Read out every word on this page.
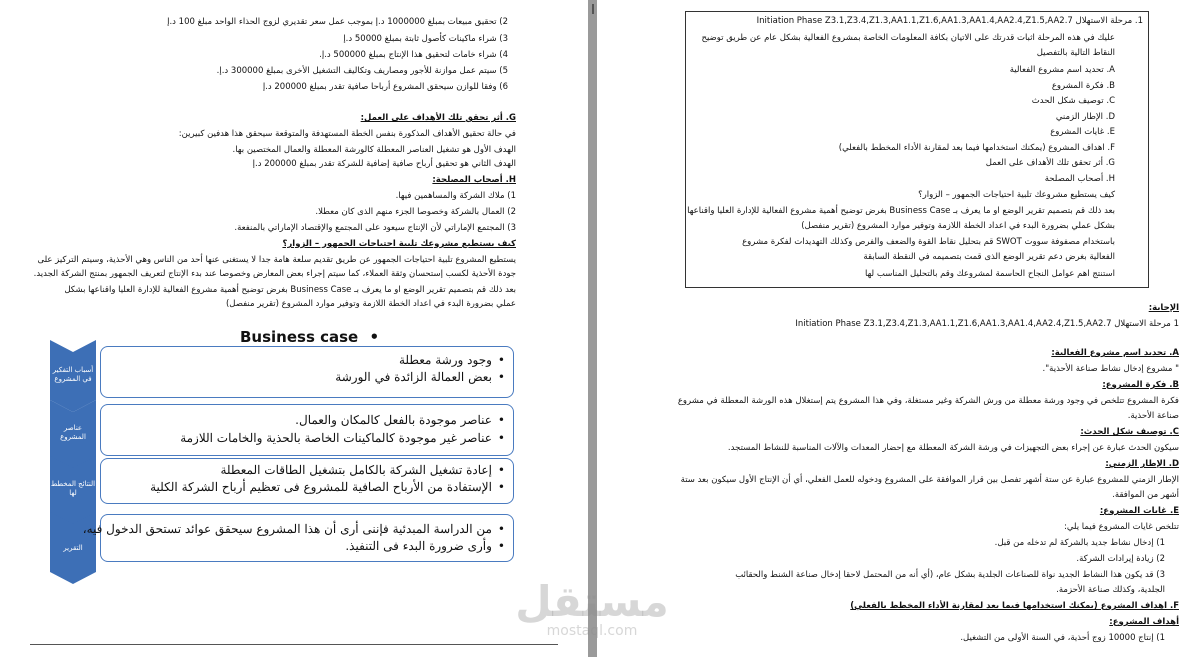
2) تحقيق مبيعات بمبلغ 1000000 د.إ بموجب عمل سعر تقديري لزوج الحذاء الواحد مبلغ 100 د.إ
3) شراء ماكينات كأصول ثابتة بمبلغ 50000 د.إ
4) شراء خامات لتحقيق هذا الإنتاج بمبلغ 500000 د.إ.
5) سيتم عمل موازنة للأجور ومصاريف وتكاليف التشغيل الأخرى بمبلغ 300000 د.إ.
6) وفقا للوازن سيحقق المشروع أرباحا صافية تقدر بمبلغ 200000 د.إ
G. أثر تحقق تلك الأهداف على العمل:
في حالة تحقيق الأهداف المذكورة بنفس الخطة المستهدفة والمتوقعة سيحقق هذا هدفين كبيرين:
الهدف الأول هو تشغيل العناصر المعطلة كالورشة المعطلة والعمال المختصين بها.
الهدف الثاني هو تحقيق أرباح صافية إضافية للشركة تقدر بمبلغ 200000 د.إ
H. أصحاب المصلحة:
1) ملاك الشركة والمساهمين فيها.
2) العمال بالشركة وخصوصا الجزء منهم الذى كان معطلا.
3) المجتمع الإماراتي لأن الإنتاج سيعود على المجتمع والإقتصاد الإماراتي بالمنفعة.
كيف يستطيع مشروعك تلبية احتياجات الجمهور – الزوار؟
يستطيع المشروع تلبية احتياجات الجمهور عن طريق تقديم سلعة هامة جدا لا يستغنى عنها أحد من الناس وهي الأحذية، وسيتم التركيز على
جودة الأحذية لكسب إستحسان وثقة العملاء، كما سيتم إجراء بعض المعارض وخصوصا عند بدء الإنتاج لتعريف الجمهور بمنتج الشركة الجديد.
بعد ذلك قم بتصميم تقرير الوضع او ما يعرف بـ Business Case بغرض توضيح أهمية مشروع الفعالية للإدارة العليا واقناعها بشكل
عملي بضرورة البدء في اعداد الخطة اللازمة وتوفير موارد المشروع (تقرير منفصل)
Business case •
أسباب التفكير في المشروع
• وجود ورشة معطلة
• بعض العمالة الزائدة في الورشة
عناصر المشروع
• عناصر موجودة بالفعل كالمكان والعمال.
• عناصر غير موجودة كالماكينات الخاصة بالحذية والخامات اللازمة
النتائج المخطط لها
• إعادة تشغيل الشركة بالكامل بتشغيل الطاقات المعطلة
• الإستفادة من الأرباح الصافية للمشروع فى تعظيم أرباح الشركة الكلية
التقرير
• من الدراسة المبدئية فإننى أرى أن هذا المشروع سيحقق عوائد تستحق الدخول فيه،
• وأرى ضرورة البدء فى التنفيذ.
1. مرحلة الاستهلال Initiation Phase Z3.1,Z3.4,Z1.3,AA1.1,Z1.6,AA1.3,AA1.4,AA2.4,Z1.5,AA2.7
عليك في هذه المرحلة اثبات قدرتك على الاتيان بكافة المعلومات الخاصة بمشروع الفعالية بشكل عام عن طريق توضيح
النقاط التالية بالتفصيل
A. تحديد اسم مشروع الفعالية
B. فكرة المشروع
C. توصيف شكل الحدث
D. الإطار الزمني
E. غايات المشروع
F. اهداف المشروع (يمكنك استخدامها فيما بعد لمقارنة الأداء المخطط بالفعلي)
G. أثر تحقق تلك الأهداف على العمل
H. أصحاب المصلحة
كيف يستطيع مشروعك تلبية احتياجات الجمهور – الزوار؟
بعد ذلك قم بتصميم تقرير الوضع او ما يعرف بـ Business Case بغرض توضيح أهمية مشروع الفعالية للإدارة العليا واقناعها
بشكل عملي بضرورة البدء في اعداد الخطة اللازمة وتوفير موارد المشروع (تقرير منفصل)
باستخدام مصفوفة سووت SWOT قم بتحليل نقاط القوة والضعف والفرص وكذلك التهديدات لفكرة مشروع
الفعالية بغرض دعم تقرير الوضع الذى قمت بتصميمه في النقطة السابقة
استنتج اهم عوامل النجاح الحاسمة لمشروعك وقم بالتحليل المناسب لها
الإجابة:
1 مرحلة الاستهلال Initiation Phase Z3.1,Z3.4,Z1.3,AA1.1,Z1.6,AA1.3,AA1.4,AA2.4,Z1.5,AA2.7
A. تحديد اسم مشروع الفعالية:
" مشروع إدخال نشاط صناعة الأحذية".
B. فكرة المشروع:
فكرة المشروع تتلخص في وجود ورشة معطلة من ورش الشركة وغير مستغلة، وفي هذا المشروع يتم إستغلال هذه الورشة المعطلة في مشروع
صناعة الأحذية.
C. توصيف شكل الحدث:
سيكون الحدث عبارة عن إجراء بعض التجهيزات في ورشة الشركة المعطلة مع إحضار المعدات والآلات المناسبة للنشاط المستجد.
D. الإطار الزمني:
الإطار الزمني للمشروع عبارة عن ستة أشهر تفصل بين قرار الموافقة على المشروع ودخوله للعمل الفعلي، أي أن الإنتاج الأول سيكون بعد ستة
أشهر من الموافقة.
E. غايات المشروع:
تتلخص غايات المشروع فيما يلي:
1) إدخال نشاط جديد بالشركة لم تدخله من قبل.
2) زيادة إيرادات الشركة.
3) قد يكون هذا النشاط الجديد نواة للصناعات الجلدية بشكل عام، (أي أنه من المحتمل لاحقا إدخال صناعة الشنط والحقائب
الجلدية، وكذلك صناعة الأحزمة.
F. اهداف المشروع (يمكنك استخدامها فيما بعد لمقارنة الأداء المخطط بالفعلي)
أهداف المشروع:
1) إنتاج 10000 زوج أحذية، في السنة الأولى من التشغيل.
مستقل
mostaql.com
